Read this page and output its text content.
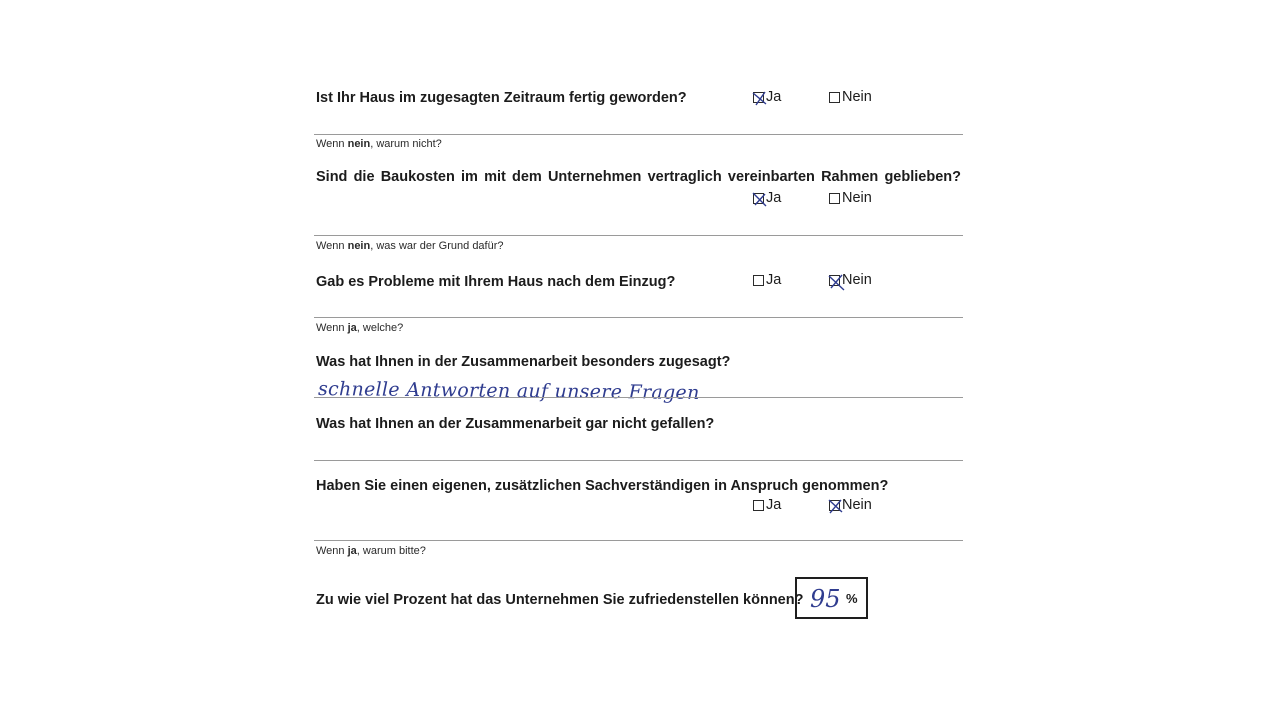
Ist Ihr Haus im zugesagten Zeitraum fertig geworden?	Ja	Nein
Wenn nein, warum nicht?
Sind die Baukosten im mit dem Unternehmen vertraglich vereinbarten Rahmen geblieben?
Ja	Nein
Wenn nein, was war der Grund dafür?
Gab es Probleme mit Ihrem Haus nach dem Einzug?	Ja	Nein
Wenn ja, welche?
Was hat Ihnen in der Zusammenarbeit besonders zugesagt?
schnelle Antworten auf unsere Fragen
Was hat Ihnen an der Zusammenarbeit gar nicht gefallen?
Haben Sie einen eigenen, zusätzlichen Sachverständigen in Anspruch genommen?
Ja	Nein
Wenn ja, warum bitte?
Zu wie viel Prozent hat das Unternehmen Sie zufriedenstellen können? 95 %
